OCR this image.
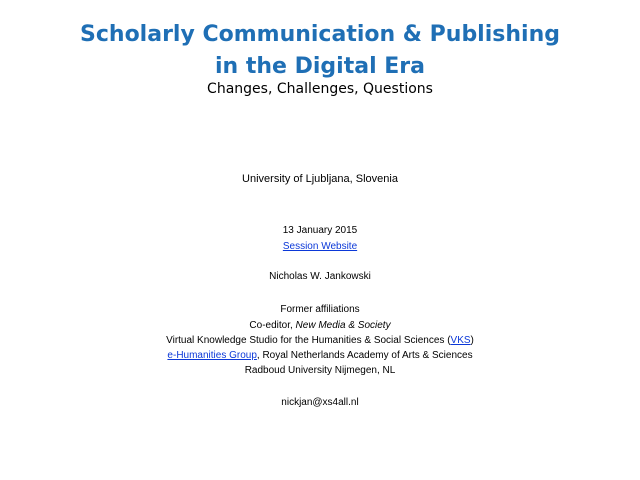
Scholarly Communication & Publishing
in the Digital Era
Changes, Challenges, Questions
University of Ljubljana, Slovenia
13 January 2015
Session Website
Nicholas W. Jankowski
Former affiliations
Co-editor, New Media & Society
Virtual Knowledge Studio for the Humanities & Social Sciences (VKS)
e-Humanities Group, Royal Netherlands Academy of Arts & Sciences
Radboud University Nijmegen, NL
nickjan@xs4all.nl
